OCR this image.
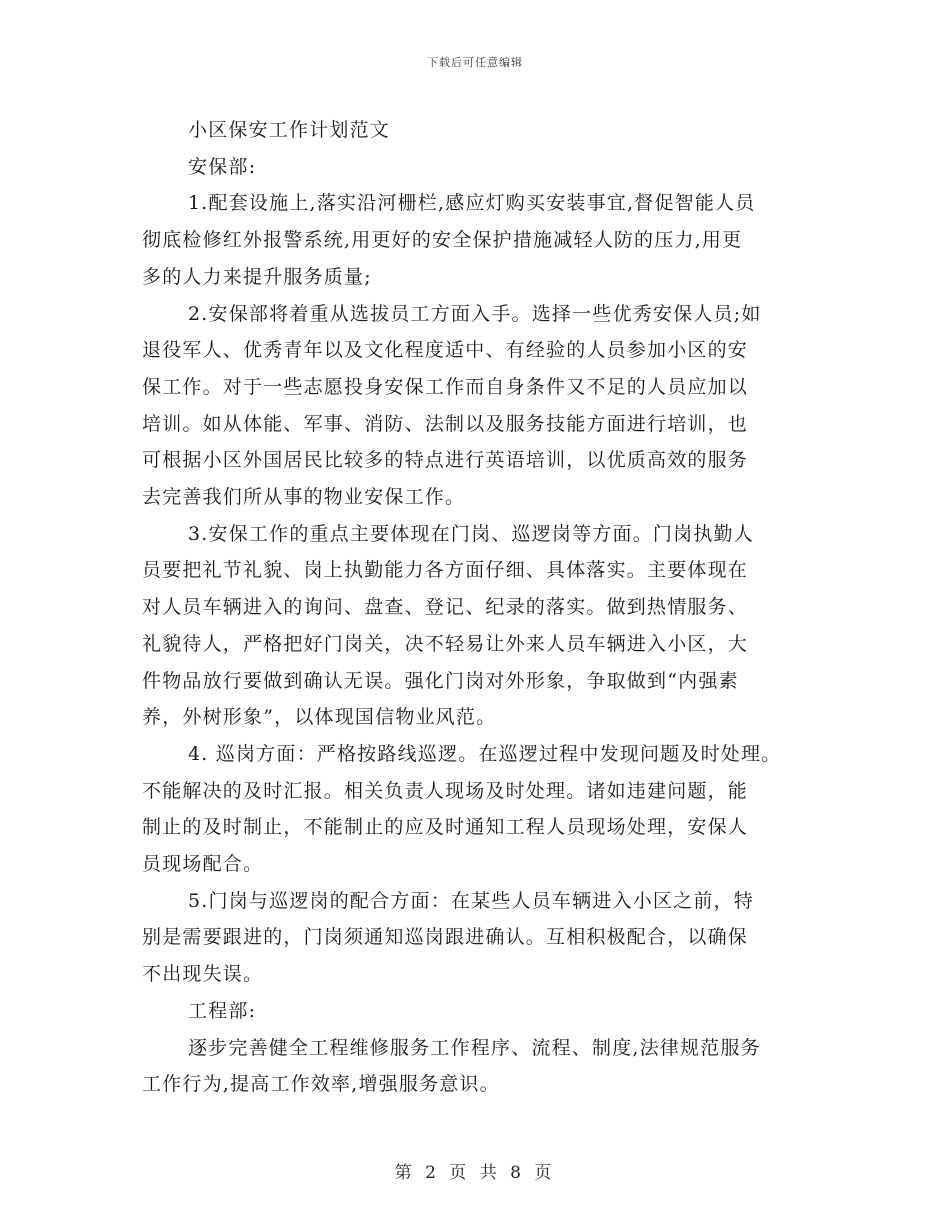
下载后可任意编辑
小区保安工作计划范文
安保部:
1.配套设施上,落实沿河栅栏,感应灯购买安装事宜,督促智能人员
彻底检修红外报警系统,用更好的安全保护措施减轻人防的压力,用更
多的人力来提升服务质量;
2.安保部将着重从选拔员工方面入手。选择一些优秀安保人员;如
退役军人、优秀青年以及文化程度适中、有经验的人员参加小区的安
保工作。对于一些志愿投身安保工作而自身条件又不足的人员应加以
培训。如从体能、军事、消防、法制以及服务技能方面进行培训，也
可根据小区外国居民比较多的特点进行英语培训，以优质高效的服务
去完善我们所从事的物业安保工作。
3.安保工作的重点主要体现在门岗、巡逻岗等方面。门岗执勤人
员要把礼节礼貌、岗上执勤能力各方面仔细、具体落实。主要体现在
对人员车辆进入的询问、盘查、登记、纪录的落实。做到热情服务、
礼貌待人，严格把好门岗关，决不轻易让外来人员车辆进入小区，大
件物品放行要做到确认无误。强化门岗对外形象，争取做到“内强素
养，外树形象”，以体现国信物业风范。
4. 巡岗方面：严格按路线巡逻。在巡逻过程中发现问题及时处理。
不能解决的及时汇报。相关负责人现场及时处理。诸如违建问题，能
制止的及时制止，不能制止的应及时通知工程人员现场处理，安保人
员现场配合。
5.门岗与巡逻岗的配合方面：在某些人员车辆进入小区之前，特
别是需要跟进的，门岗须通知巡岗跟进确认。互相积极配合，以确保
不出现失误。
工程部:
逐步完善健全工程维修服务工作程序、流程、制度,法律规范服务
工作行为,提高工作效率,增强服务意识。
第 2 页 共 8 页
